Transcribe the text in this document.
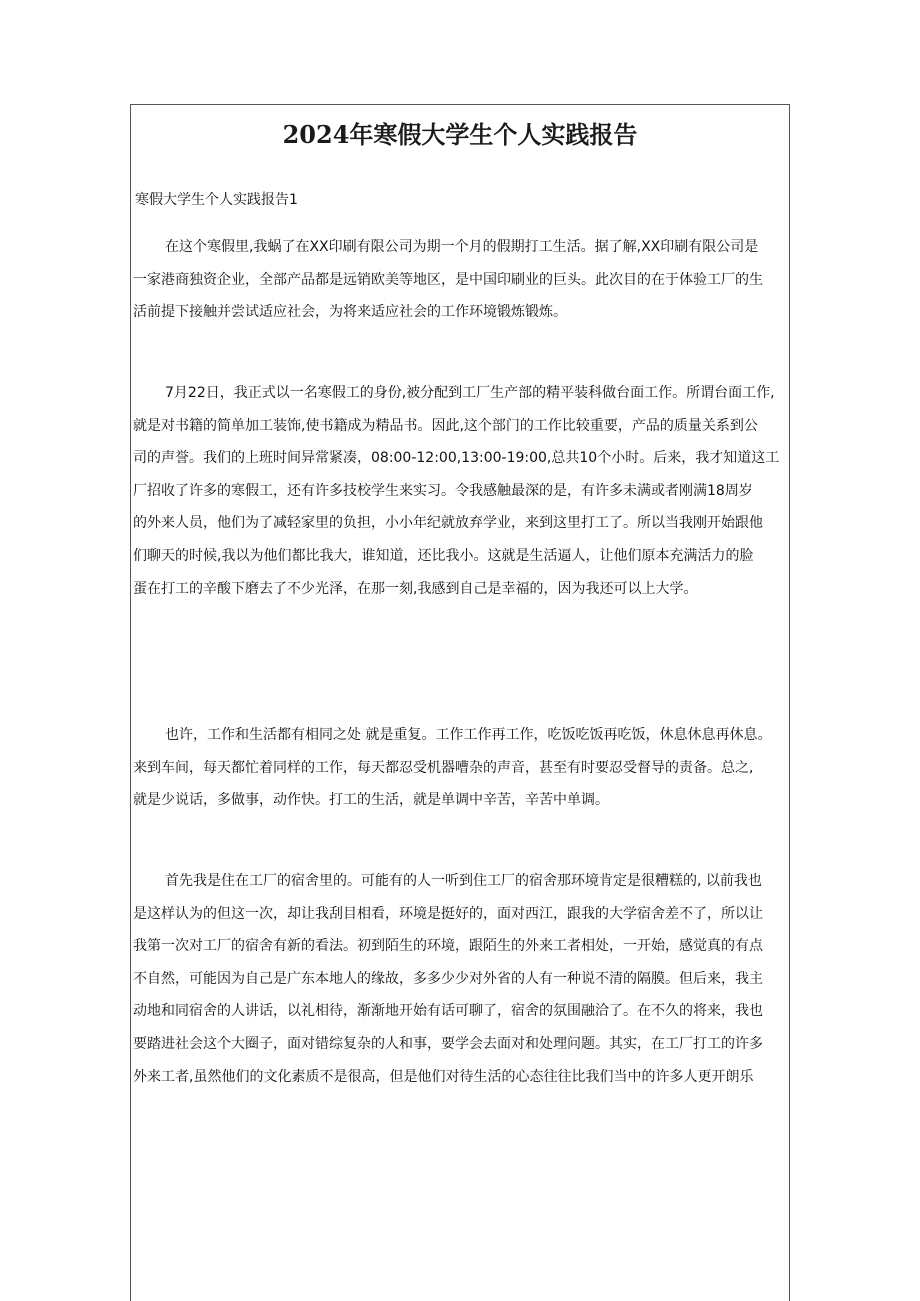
2024年寒假大学生个人实践报告
寒假大学生个人实践报告1
在这个寒假里,我蜗了在XX印刷有限公司为期一个月的假期打工生活。据了解,XX印刷有限公司是
一家港商独资企业，全部产品都是远销欧美等地区，是中国印刷业的巨头。此次目的在于体验工厂的生
活前提下接触并尝试适应社会，为将来适应社会的工作环境锻炼锻炼。
7月22日，我正式以一名寒假工的身份,被分配到工厂生产部的精平装科做台面工作。所谓台面工作,
就是对书籍的简单加工装饰,使书籍成为精品书。因此,这个部门的工作比较重要，产品的质量关系到公
司的声誉。我们的上班时间异常紧凑，08:00-12:00,13:00-19:00,总共10个小时。后来，我才知道这工
厂招收了许多的寒假工，还有许多技校学生来实习。令我感触最深的是，有许多未满或者刚满18周岁
的外来人员，他们为了减轻家里的负担，小小年纪就放弃学业，来到这里打工了。所以当我刚开始跟他
们聊天的时候,我以为他们都比我大，谁知道，还比我小。这就是生活逼人，让他们原本充满活力的脸
蛋在打工的辛酸下磨去了不少光泽，在那一刻,我感到自己是幸福的，因为我还可以上大学。
也许，工作和生活都有相同之处 就是重复。工作工作再工作，吃饭吃饭再吃饭，休息休息再休息。
来到车间，每天都忙着同样的工作，每天都忍受机器嘈杂的声音，甚至有时要忍受督导的责备。总之,
就是少说话，多做事，动作快。打工的生活，就是单调中辛苦，辛苦中单调。
首先我是住在工厂的宿舍里的。可能有的人一听到住工厂的宿舍那环境肯定是很糟糕的, 以前我也
是这样认为的但这一次，却让我刮目相看，环境是挺好的，面对西江，跟我的大学宿舍差不了，所以让
我第一次对工厂的宿舍有新的看法。初到陌生的环境，跟陌生的外来工者相处，一开始，感觉真的有点
不自然，可能因为自己是广东本地人的缘故，多多少少对外省的人有一种说不清的隔膜。但后来，我主
动地和同宿舍的人讲话，以礼相待，渐渐地开始有话可聊了，宿舍的氛围融洽了。在不久的将来，我也
要踏进社会这个大圈子，面对错综复杂的人和事，要学会去面对和处理问题。其实，在工厂打工的许多
外来工者,虽然他们的文化素质不是很高，但是他们对待生活的心态往往比我们当中的许多人更开朗乐
